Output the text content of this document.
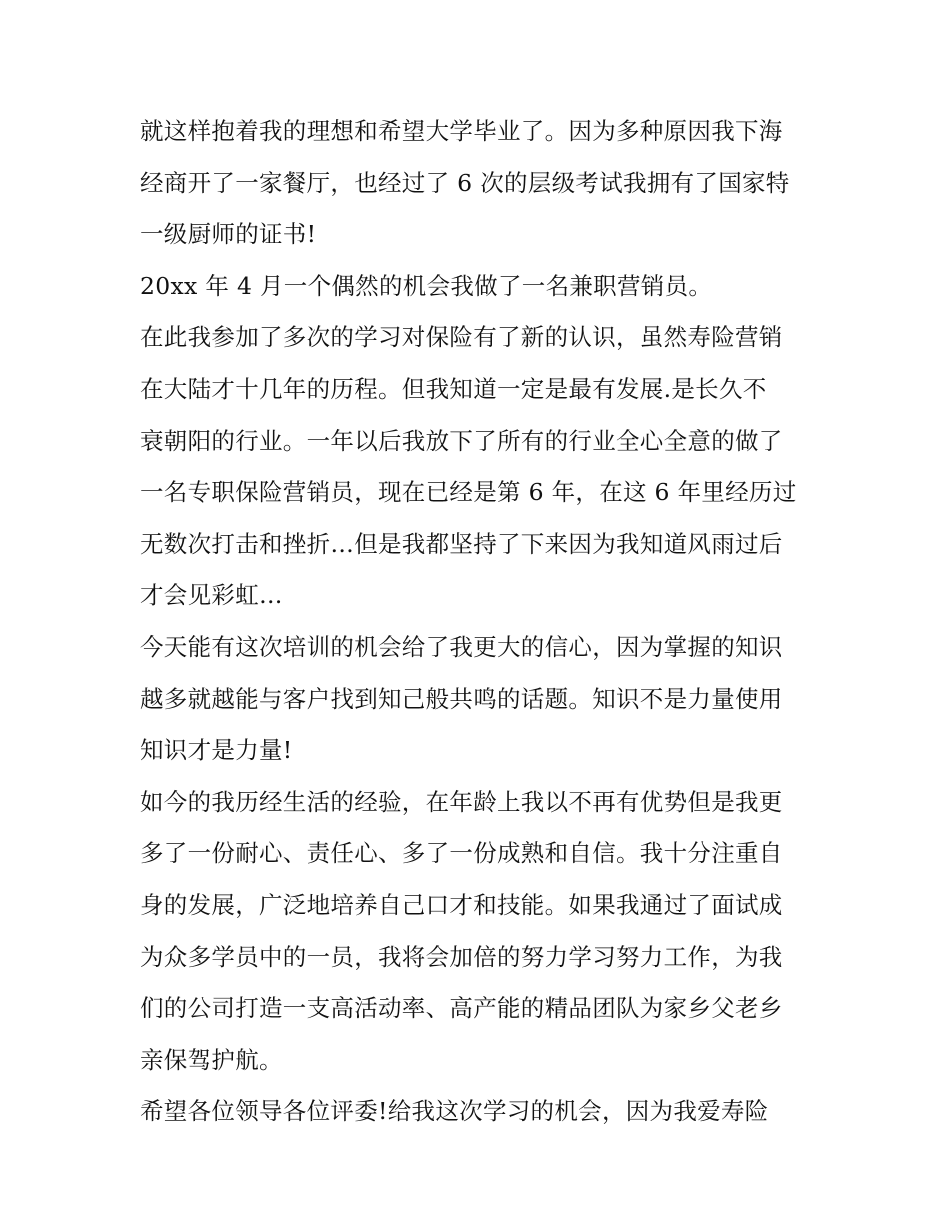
就这样抱着我的理想和希望大学毕业了。因为多种原因我下海
经商开了一家餐厅，也经过了 6 次的层级考试我拥有了国家特
一级厨师的证书!
20xx 年 4 月一个偶然的机会我做了一名兼职营销员。
在此我参加了多次的学习对保险有了新的认识，虽然寿险营销
在大陆才十几年的历程。但我知道一定是最有发展.是长久不
衰朝阳的行业。一年以后我放下了所有的行业全心全意的做了
一名专职保险营销员，现在已经是第 6 年，在这 6 年里经历过
无数次打击和挫折…但是我都坚持了下来因为我知道风雨过后
才会见彩虹…
今天能有这次培训的机会给了我更大的信心，因为掌握的知识
越多就越能与客户找到知己般共鸣的话题。知识不是力量使用
知识才是力量!
如今的我历经生活的经验，在年龄上我以不再有优势但是我更
多了一份耐心、责任心、多了一份成熟和自信。我十分注重自
身的发展，广泛地培养自己口才和技能。如果我通过了面试成
为众多学员中的一员，我将会加倍的努力学习努力工作，为我
们的公司打造一支高活动率、高产能的精品团队为家乡父老乡
亲保驾护航。
希望各位领导各位评委!给我这次学习的机会，因为我爱寿险
